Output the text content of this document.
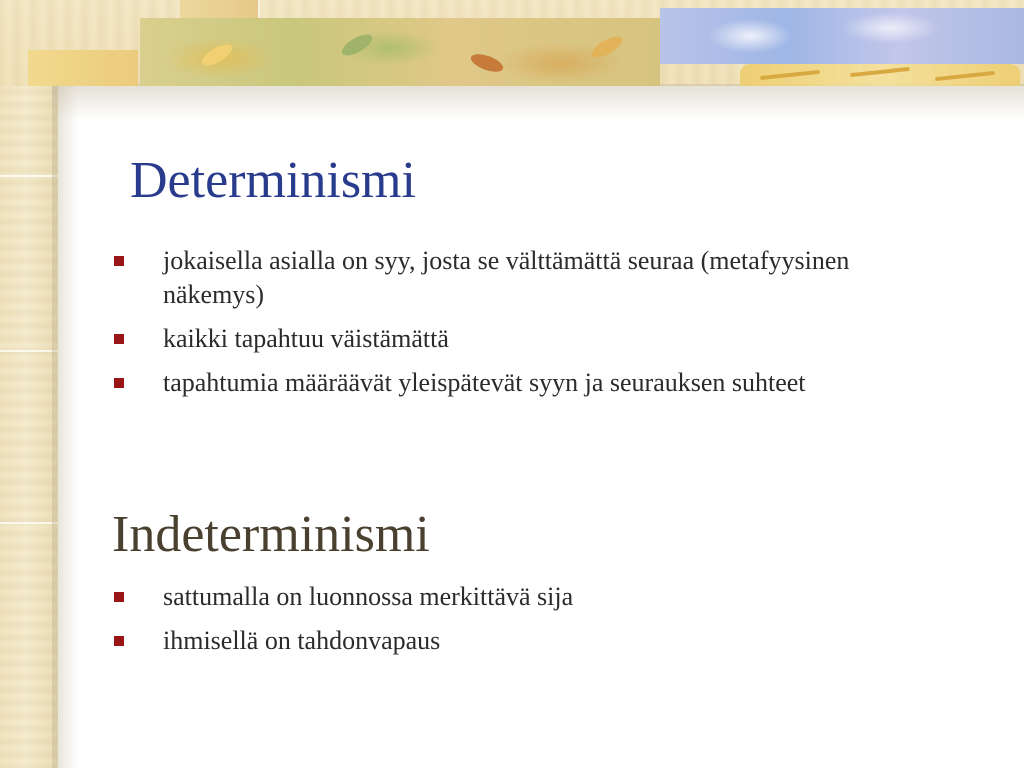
Determinismi
jokaisella asialla on syy, josta se välttämättä seuraa (metafyysinen näkemys)
kaikki tapahtuu väistämättä
tapahtumia määräävät yleispätevät syyn ja seurauksen suhteet
Indeterminismi
sattumalla on luonnossa merkittävä sija
ihmisellä on tahdonvapaus
